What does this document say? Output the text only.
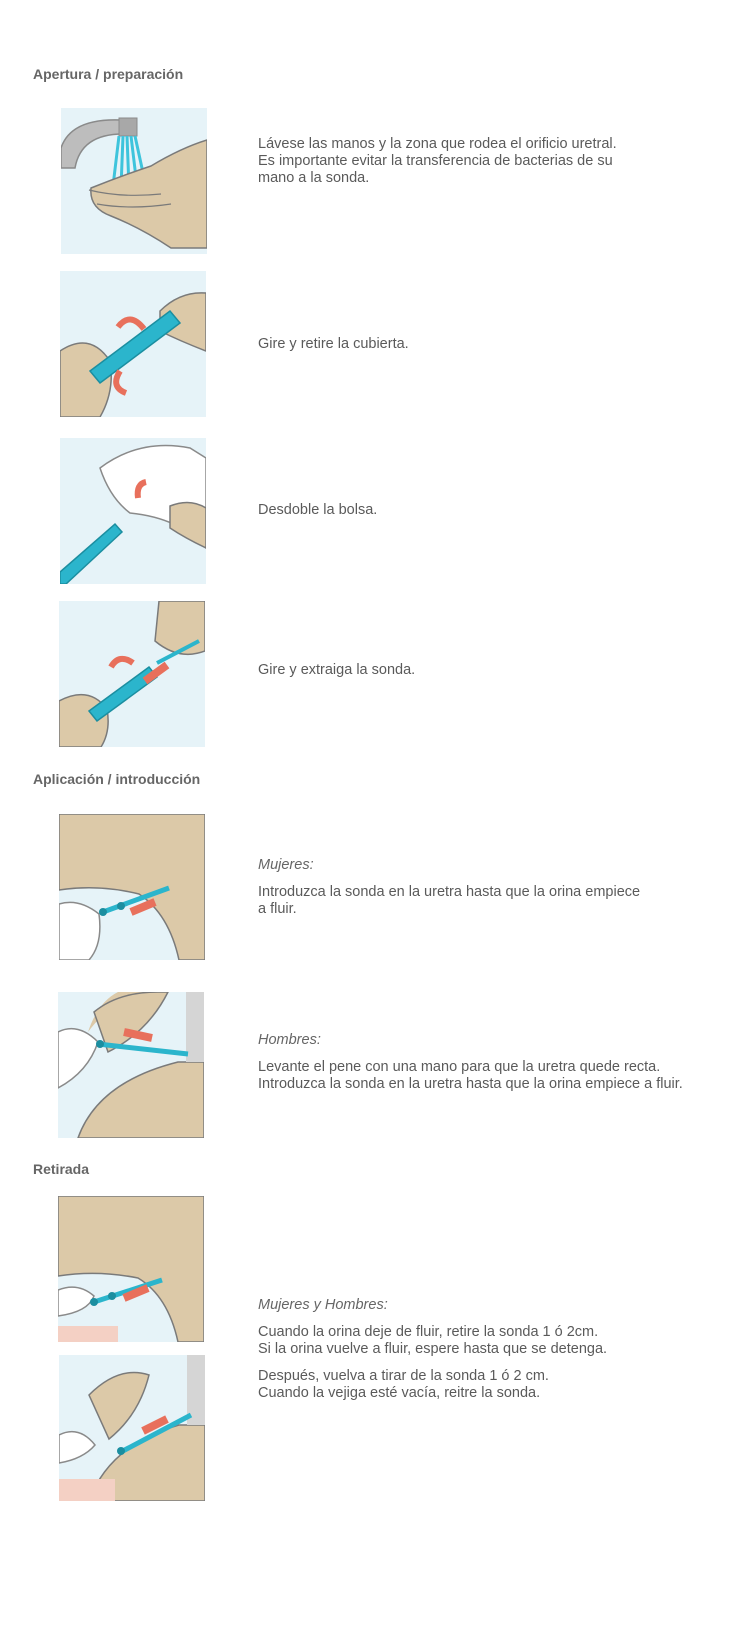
Apertura / preparación

Lávese las manos y la zona que rodea el orificio uretral.

Es importante evitar la transferencia de bacterias de su

mano a la sonda.

Gire y retire la cubierta.
Desdoble la bolsa.
Gire y extraiga la sonda.
Aplicación / introducción

Mujeres:

Introduzca la sonda en la uretra hasta que la orina empiece

a fluir.

Hombres:

Levante el pene con una mano para que la uretra quede recta.

Introduzca la sonda en la uretra hasta que la orina empiece a fluir.

Retirada

Mujeres y Hombres:

Cuando la orina deje de fluir, retire la sonda 1 ó 2cm.

Si la orina vuelve a fluir, espere hasta que se detenga.

Después, vuelva a tirar de la sonda 1 ó 2 cm.

Cuando la vejiga esté vacía, reitre la sonda.
